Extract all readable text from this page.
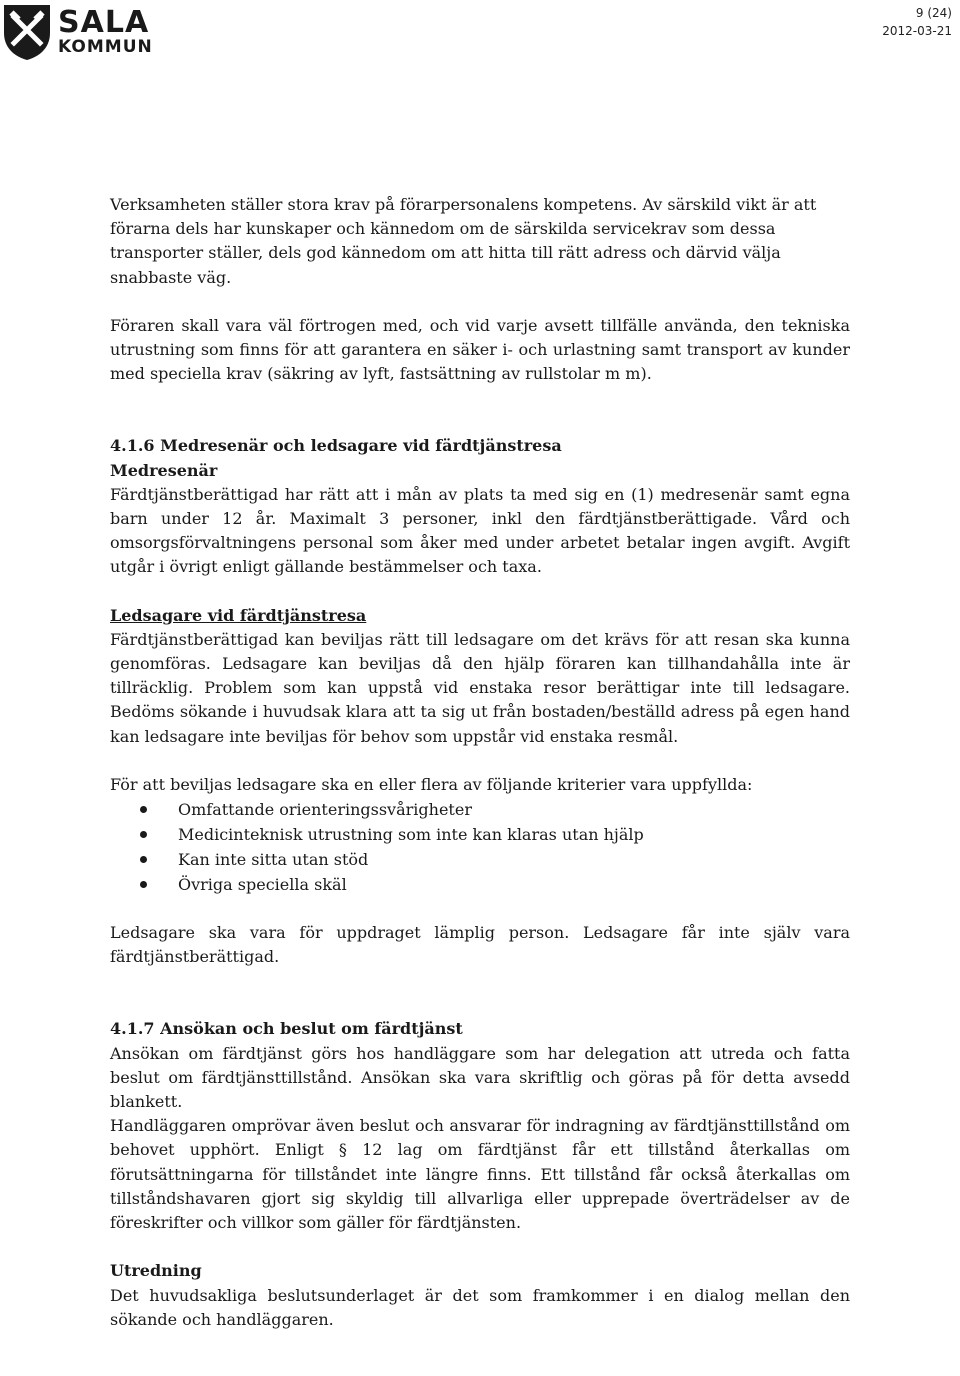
SALA
KOMMUN
9 (24)
2012-03-21

Verksamheten ställer stora krav på förarpersonalens kompetens. Av särskild vikt är att förarna dels har kunskaper och kännedom om de särskilda servicekrav som dessa transporter ställer, dels god kännedom om att hitta till rätt adress och därvid välja snabbaste väg.

Föraren skall vara väl förtrogen med, och vid varje avsett tillfälle använda, den tekniska utrustning som finns för att garantera en säker i- och urlastning samt transport av kunder med speciella krav (säkring av lyft, fastsättning av rullstolar m m).

4.1.6 Medresenär och ledsagare vid färdtjänstresa

Medresenär

Färdtjänstberättigad har rätt att i mån av plats ta med sig en (1) medresenär samt egna barn under 12 år. Maximalt 3 personer, inkl den färdtjänstberättigade. Vård och omsorgsförvaltningens personal som åker med under arbetet betalar ingen avgift. Avgift utgår i övrigt enligt gällande bestämmelser och taxa.

Ledsagare vid färdtjänstresa

Färdtjänstberättigad kan beviljas rätt till ledsagare om det krävs för att resan ska kunna genomföras. Ledsagare kan beviljas då den hjälp föraren kan tillhandahålla inte är tillräcklig. Problem som kan uppstå vid enstaka resor berättigar inte till ledsagare. Bedöms sökande i huvudsak klara att ta sig ut från bostaden/beställd adress på egen hand kan ledsagare inte beviljas för behov som uppstår vid enstaka resmål.

För att beviljas ledsagare ska en eller flera av följande kriterier vara uppfyllda:

Omfattande orienteringssvårigheter
Medicinteknisk utrustning som inte kan klaras utan hjälp
Kan inte sitta utan stöd
Övriga speciella skäl

Ledsagare ska vara för uppdraget lämplig person. Ledsagare får inte själv vara färdtjänstberättigad.

4.1.7 Ansökan och beslut om färdtjänst

Ansökan om färdtjänst görs hos handläggare som har delegation att utreda och fatta beslut om färdtjänsttillstånd. Ansökan ska vara skriftlig och göras på för detta avsedd blankett.

Handläggaren omprövar även beslut och ansvarar för indragning av färdtjänsttillstånd om behovet upphört. Enligt § 12 lag om färdtjänst får ett tillstånd återkallas om förutsättningarna för tillståndet inte längre finns. Ett tillstånd får också återkallas om tillståndshavaren gjort sig skyldig till allvarliga eller upprepade överträdelser av de föreskrifter och villkor som gäller för färdtjänsten.

Utredning

Det huvudsakliga beslutsunderlaget är det som framkommer i en dialog mellan den sökande och handläggaren.
